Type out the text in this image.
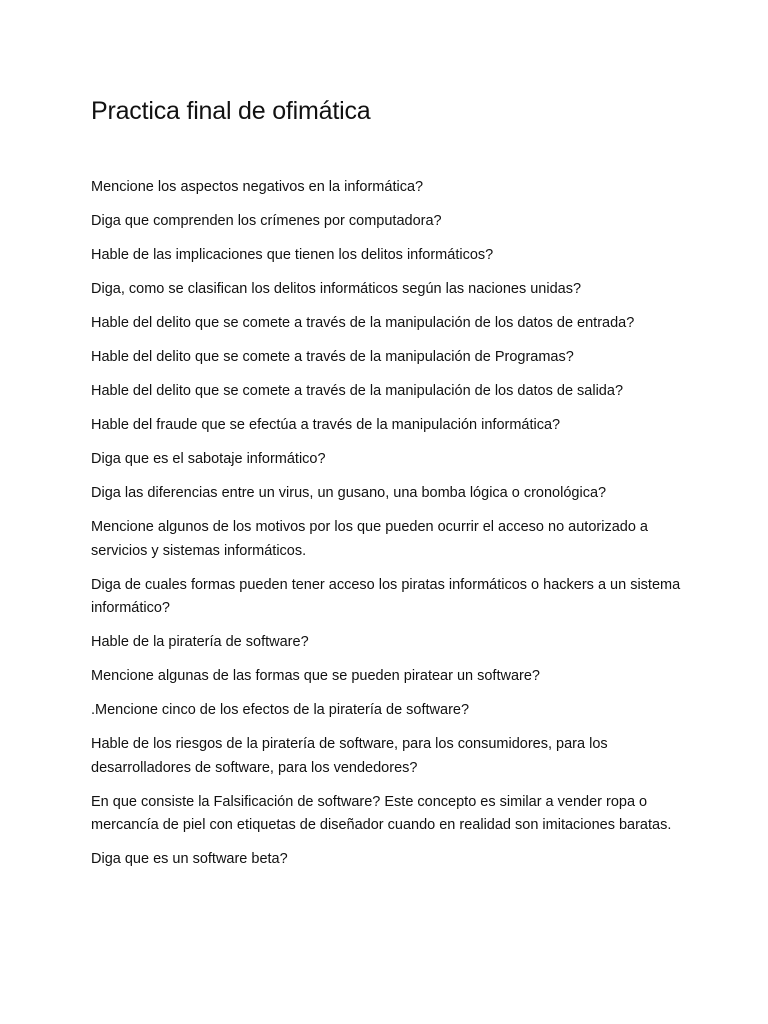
Practica final de ofimática
Mencione los aspectos negativos en la informática?
Diga que comprenden los crímenes por computadora?
Hable de las implicaciones que tienen los delitos informáticos?
Diga, como se clasifican los delitos informáticos según las naciones unidas?
Hable del delito que se comete a través de la manipulación de los datos de entrada?
Hable del delito que se comete a través de la manipulación de Programas?
Hable del delito que se comete a través de la manipulación de los datos de salida?
Hable del fraude que se efectúa a través de la manipulación informática?
Diga que es el sabotaje informático?
Diga las diferencias entre un virus, un gusano, una bomba lógica o cronológica?
Mencione algunos de los motivos por los que pueden ocurrir el acceso no autorizado a servicios y sistemas informáticos.
Diga de cuales formas pueden tener acceso los piratas informáticos o hackers a un sistema informático?
Hable de la piratería de software?
Mencione algunas de las formas que se pueden piratear un software?
.Mencione cinco de los efectos de la piratería de software?
Hable de los riesgos de la piratería de software, para los consumidores, para los desarrolladores de software, para los vendedores?
En que consiste la Falsificación de software? Este concepto es similar a vender ropa o mercancía de piel con etiquetas de diseñador cuando en realidad son imitaciones baratas.
Diga que es un software beta?
